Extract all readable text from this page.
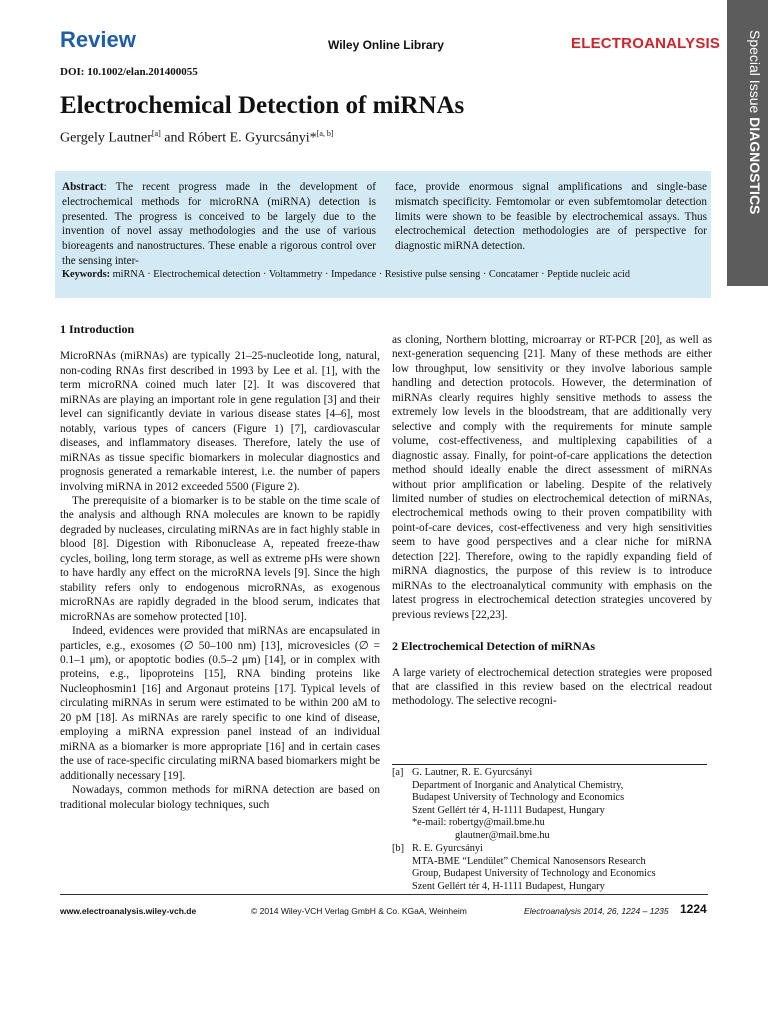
Review	Wiley Online Library	ELECTROANALYSIS
DOI: 10.1002/elan.201400055	Special Issue DIAGNOSTICS
Electrochemical Detection of miRNAs
Gergely Lautner[a] and Róbert E. Gyurcsányi*[a, b]
Abstract: The recent progress made in the development of electrochemical methods for microRNA (miRNA) detection is presented. The progress is conceived to be largely due to the invention of novel assay methodologies and the use of various bioreagents and nanostructures. These enable a rigorous control over the sensing inter-
face, provide enormous signal amplifications and single-base mismatch specificity. Femtomolar or even subfemtomolar detection limits were shown to be feasible by electrochemical assays. Thus electrochemical detection methodologies are of perspective for diagnostic miRNA detection.
Keywords: miRNA · Electrochemical detection · Voltammetry · Impedance · Resistive pulse sensing · Concatamer · Peptide nucleic acid
1 Introduction

MicroRNAs (miRNAs) are typically 21–25-nucleotide long, natural, non-coding RNAs first described in 1993 by Lee et al. [1], with the term microRNA coined much later [2]. It was discovered that miRNAs are playing an important role in gene regulation [3] and their level can significantly deviate in various disease states [4–6], most notably, various types of cancers (Figure 1) [7], cardiovascular diseases, and inflammatory diseases. Therefore, lately the use of miRNAs as tissue specific biomarkers in molecular diagnostics and prognosis generated a remarkable interest, i.e. the number of papers involving miRNA in 2012 exceeded 5500 (Figure 2).

The prerequisite of a biomarker is to be stable on the time scale of the analysis and although RNA molecules are known to be rapidly degraded by nucleases, circulating miRNAs are in fact highly stable in blood [8]. Digestion with Ribonuclease A, repeated freeze-thaw cycles, boiling, long term storage, as well as extreme pHs were shown to have hardly any effect on the microRNA levels [9]. Since the high stability refers only to endogenous microRNAs, as exogenous microRNAs are rapidly degraded in the blood serum, indicates that microRNAs are somehow protected [10].

Indeed, evidences were provided that miRNAs are encapsulated in particles, e.g., exosomes (∅ 50–100 nm) [13], microvesicles (∅ = 0.1–1 μm), or apoptotic bodies (0.5–2 μm) [14], or in complex with proteins, e.g., lipoproteins [15], RNA binding proteins like Nucleophosmin1 [16] and Argonaut proteins [17]. Typical levels of circulating miRNAs in serum were estimated to be within 200 aM to 20 pM [18]. As miRNAs are rarely specific to one kind of disease, employing a miRNA expression panel instead of an individual miRNA as a biomarker is more appropriate [16] and in certain cases the use of race-specific circulating miRNA based biomarkers might be additionally necessary [19].

Nowadays, common methods for miRNA detection are based on traditional molecular biology techniques, such

as cloning, Northern blotting, microarray or RT-PCR [20], as well as next-generation sequencing [21]. Many of these methods are either low throughput, low sensitivity or they involve laborious sample handling and detection protocols. However, the determination of miRNAs clearly requires highly sensitive methods to assess the extremely low levels in the bloodstream, that are additionally very selective and comply with the requirements for minute sample volume, cost-effectiveness, and multiplexing capabilities of a diagnostic assay. Finally, for point-of-care applications the detection method should ideally enable the direct assessment of miRNAs without prior amplification or labeling. Despite of the relatively limited number of studies on electrochemical detection of miRNAs, electrochemical methods owing to their proven compatibility with point-of-care devices, cost-effectiveness and very high sensitivities seem to have good perspectives and a clear niche for miRNA detection [22]. Therefore, owing to the rapidly expanding field of miRNA diagnostics, the purpose of this review is to introduce miRNAs to the electroanalytical community with emphasis on the latest progress in electrochemical detection strategies uncovered by previous reviews [22,23].

2 Electrochemical Detection of miRNAs

A large variety of electrochemical detection strategies were proposed that are classified in this review based on the electrical readout methodology. The selective recogni-

[a] G. Lautner, R. E. Gyurcsányi
Department of Inorganic and Analytical Chemistry,
Budapest University of Technology and Economics
Szent Gellért tér 4, H-1111 Budapest, Hungary
*e-mail: robertgy@mail.bme.hu
glautner@mail.bme.hu
[b] R. E. Gyurcsányi
MTA-BME “Lendület” Chemical Nanosensors Research
Group, Budapest University of Technology and Economics
Szent Gellért tér 4, H-1111 Budapest, Hungary
www.electroanalysis.wiley-vch.de	© 2014 Wiley-VCH Verlag GmbH & Co. KGaA, Weinheim	Electroanalysis 2014, 26, 1224 – 1235 1224
